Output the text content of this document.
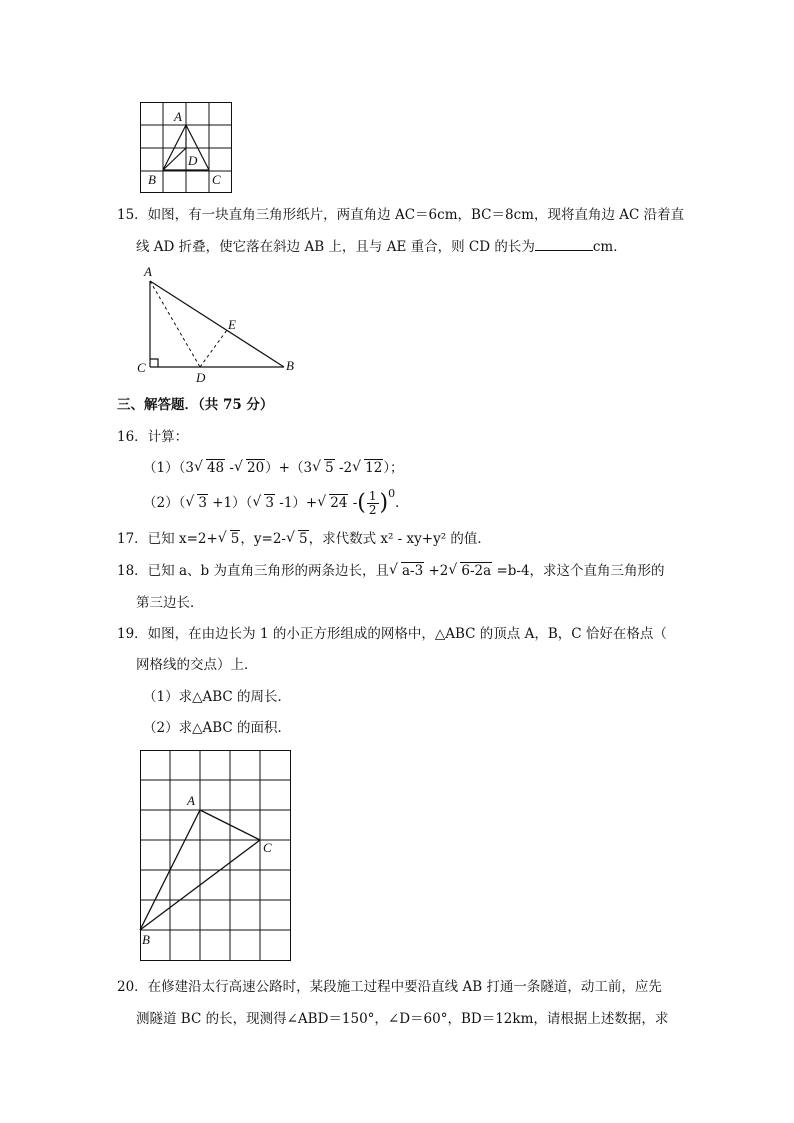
A
D
B	C
15．如图，有一块直角三角形纸片，两直角边 AC＝6cm，BC＝8cm，现将直角边 AC 沿着直
线 AD 折叠，使它落在斜边 AB 上，且与 AE 重合，则 CD 的长为	cm．
A
E
C
D
B
三、解答题．（共 75 分）
16．计算：
（1）（3 √ 48 - √ 20）+（3 √ 5 -2 √ 12）；
（2）（ √ 3 +1）（ √ 3 -1）+ √ 24 -( $\frac{1}{2})^0$．
17．已知 x=2+ √ 5，y=2- √ 5，求代数式 x² - xy+y² 的值．
18．已知 a、b 为直角三角形的两条边长，且 √ a-3 +2 √ 6-2a =b-4，求这个直角三角形的
第三边长．
19．如图，在由边长为 1 的小正方形组成的网格中，△ABC 的顶点 A，B，C 恰好在格点（
网格线的交点）上．
（1）求△ABC 的周长．
（2）求△ABC 的面积．
A
C
B
20．在修建沿太行高速公路时，某段施工过程中要沿直线 AB 打通一条隧道，动工前，应先
测隧道 BC 的长，现测得∠ABD＝150°，∠D＝60°，BD＝12km，请根据上述数据，求
